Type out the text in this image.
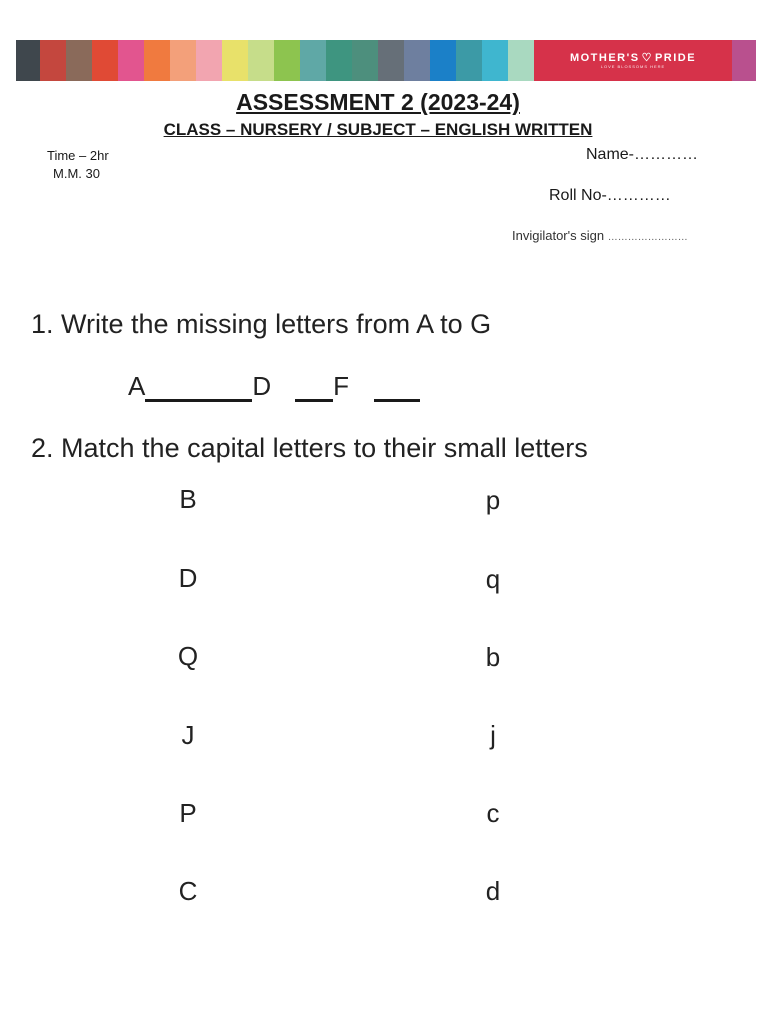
MOTHER'S ♡ PRIDE
LOVE BLOSSOMS HERE
ASSESSMENT 2 (2023-24)
CLASS – NURSERY / SUBJECT – ENGLISH WRITTEN
Time – 2hr
M.M. 30
Name-…………
Roll No-…………
Invigilator's sign ……………………
1. Write the missing letters from A to G
A	D F
2. Match the capital letters to their small letters
B
D
Q
J
P
C
p
q
b
j
c
d
